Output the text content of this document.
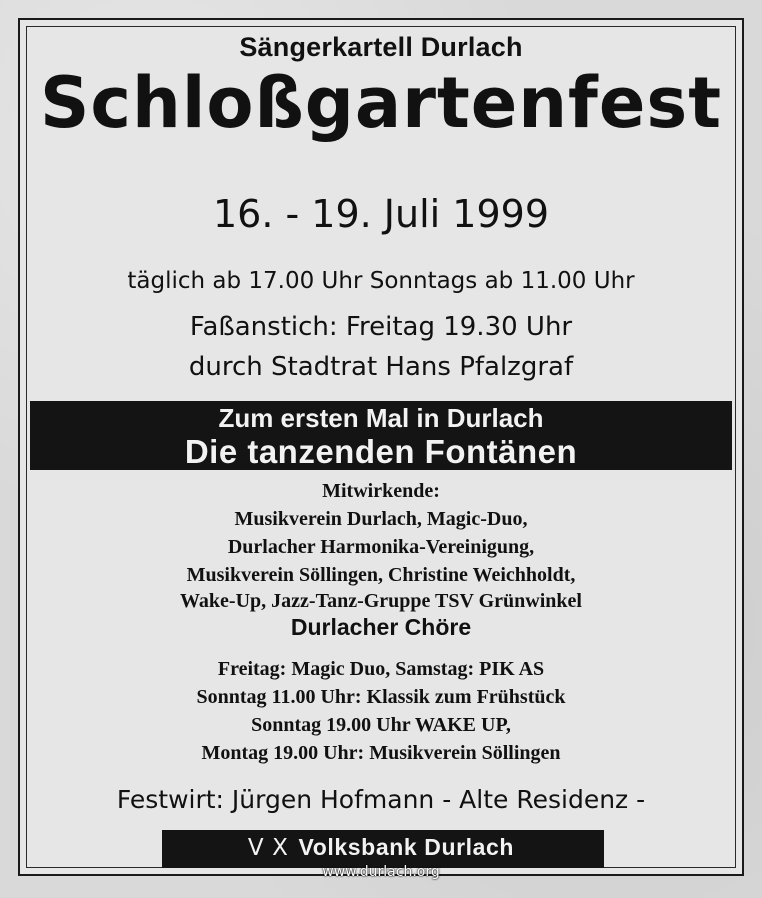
Sängerkartell Durlach
Schloßgartenfest
16. - 19. Juli 1999
täglich ab 17.00 Uhr Sonntags ab 11.00 Uhr
Faßanstich: Freitag 19.30 Uhr
durch Stadtrat Hans Pfalzgraf
Zum ersten Mal in Durlach
Die tanzenden Fontänen
Mitwirkende:
Musikverein Durlach, Magic-Duo,
Durlacher Harmonika-Vereinigung,
Musikverein Söllingen, Christine Weichholdt,
Wake-Up, Jazz-Tanz-Gruppe TSV Grünwinkel
Durlacher Chöre
Freitag: Magic Duo, Samstag: PIK AS
Sonntag 11.00 Uhr: Klassik zum Frühstück
Sonntag 19.00 Uhr WAKE UP,
Montag 19.00 Uhr: Musikverein Söllingen
Festwirt: Jürgen Hofmann - Alte Residenz -
V X Volksbank Durlach
www.durlach.org
